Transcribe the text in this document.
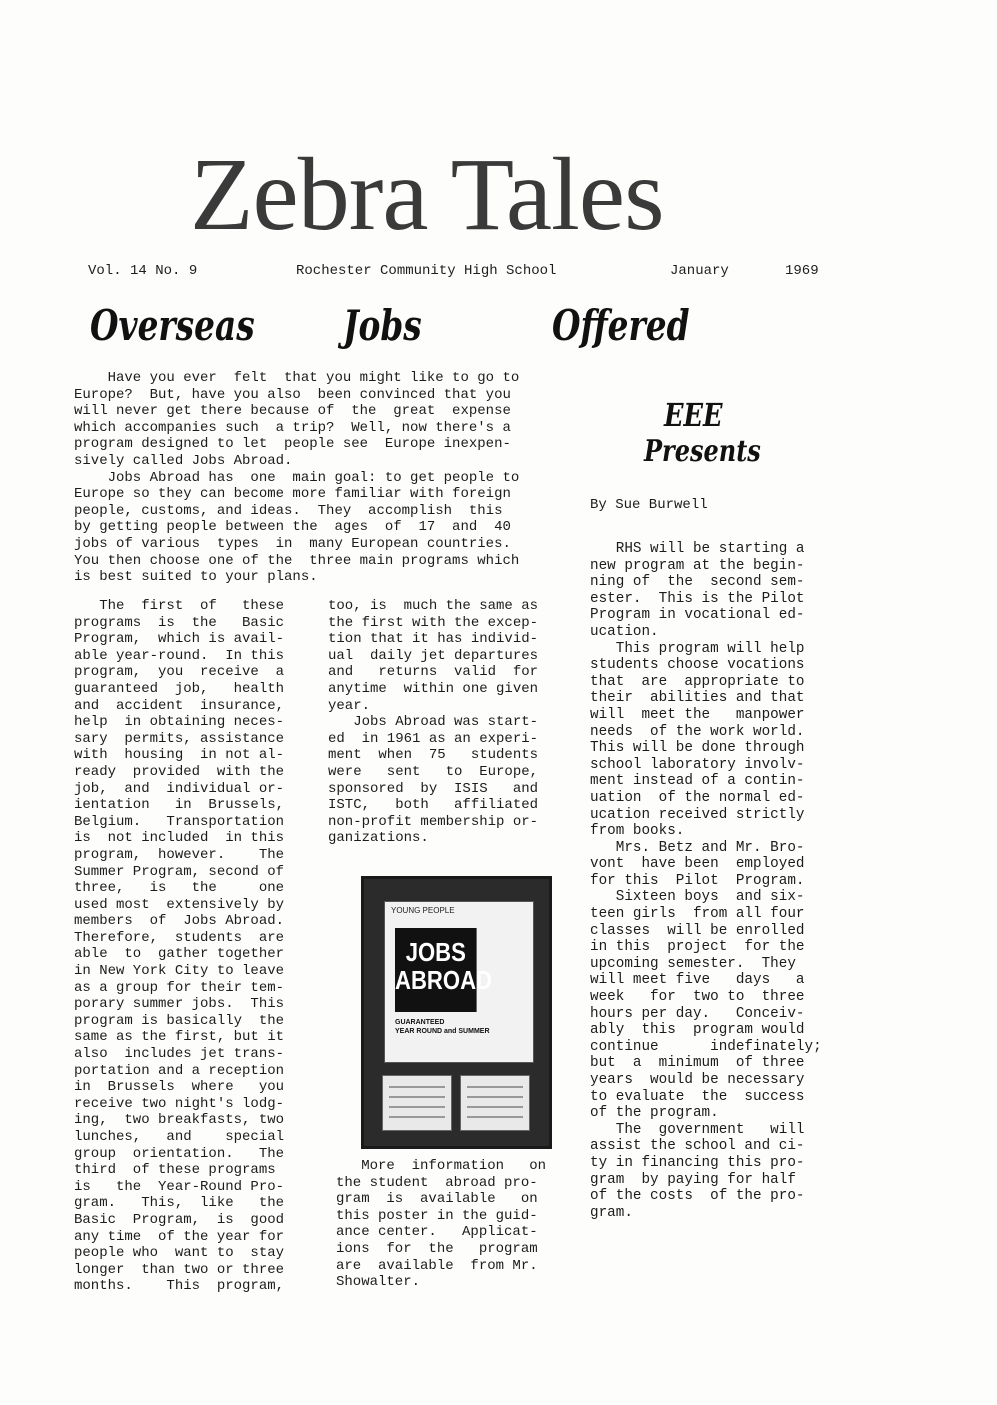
Zebra Tales
Vol. 14 No. 9	Rochester Community High School	January	1969
Overseas Jobs	Offered
Have you ever  felt  that you might like to go to
Europe?  But, have you also  been convinced that you
will never get there because of  the  great  expense
which accompanies such  a trip?  Well, now there's a
program designed to let  people see  Europe inexpen-
sively called Jobs Abroad.
Jobs Abroad has  one  main goal: to get people to
Europe so they can become more familiar with foreign
people, customs, and ideas.  They  accomplish  this
by getting people between the  ages  of  17  and  40
jobs of various  types  in  many European countries.
You then choose one of the  three main programs which
is best suited to your plans.
The  first  of   these
programs  is  the   Basic
Program,  which is avail-
able year-round.  In this
program,  you  receive  a
guaranteed  job,   health
and  accident  insurance,
help  in obtaining neces-
sary  permits, assistance
with  housing  in not al-
ready  provided  with the
job,  and  individual or-
ientation   in  Brussels,
Belgium.   Transportation
is  not included  in this
program,  however.    The
Summer Program, second of
three,   is   the     one
used most  extensively by
members  of  Jobs Abroad.
Therefore,  students  are
able  to  gather together
in New York City to leave
as a group for their tem-
porary summer jobs.  This
program is basically  the
same as the first, but it
also  includes jet trans-
portation and a reception
in  Brussels  where   you
receive two night's lodg-
ing,  two breakfasts, two
lunches,   and    special
group  orientation.   The
third  of these programs
is   the  Year-Round Pro-
gram.   This,  like   the
Basic  Program,  is  good
any time  of the year for
people who  want to  stay
longer  than two or three
months.    This  program,
too, is  much the same as
the first with the excep-
tion that it has individ-
ual  daily jet departures
and   returns  valid  for
anytime  within one given
year.
Jobs Abroad was start-
ed  in 1961 as an experi-
ment  when  75   students
were   sent   to  Europe,
sponsored  by  ISIS   and
ISTC,   both   affiliated
non-profit membership or-
ganizations.
YOUNG PEOPLE
JOBS
ABROAD
GUARANTEED
YEAR ROUND and SUMMER
More  information   on
the student  abroad pro-
gram  is  available   on
this poster in the guid-
ance center.   Applicat-
ions  for  the   program
are  available  from Mr.
Showalter.
EEE
Presents
By Sue Burwell
RHS will be starting a
new program at the begin-
ning of  the  second sem-
ester.  This is the Pilot
Program in vocational ed-
ucation.
This program will help
students choose vocations
that  are  appropriate to
their  abilities and that
will  meet the   manpower
needs  of the work world.
This will be done through
school laboratory involv-
ment instead of a contin-
uation  of the normal ed-
ucation received strictly
from books.
Mrs. Betz and Mr. Bro-
vont  have been  employed
for this  Pilot  Program.
Sixteen boys  and six-
teen girls  from all four
classes  will be enrolled
in this  project  for the
upcoming semester.  They
will meet five   days   a
week   for  two to  three
hours per day.   Conceiv-
ably  this  program would
continue      indefinately;
but  a  minimum  of three
years  would be necessary
to evaluate  the  success
of the program.
The  government   will
assist the school and ci-
ty in financing this pro-
gram  by paying for half
of the costs  of the pro-
gram.
